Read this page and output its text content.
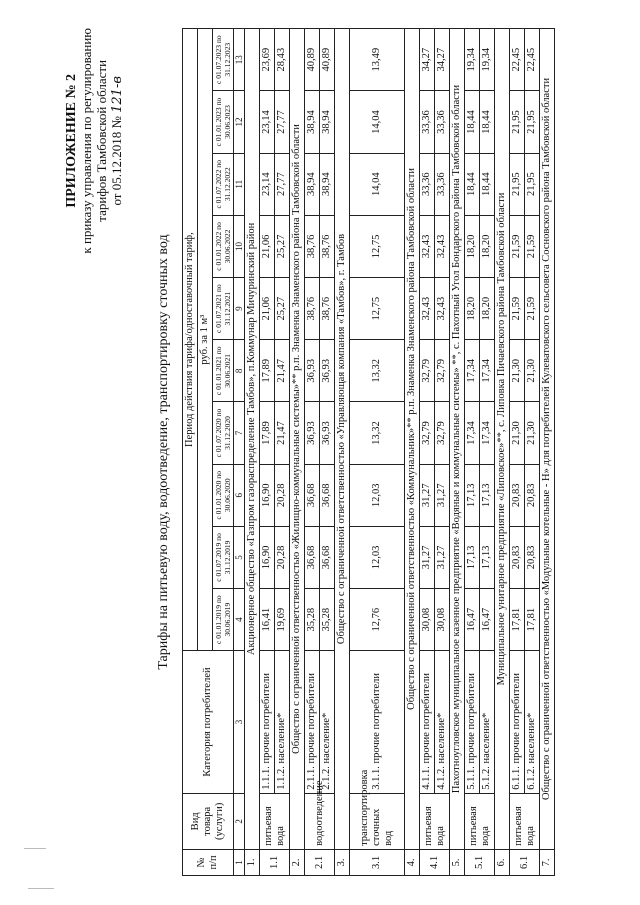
ПРИЛОЖЕНИЕ № 2 к приказу управления по регулированию тарифов Тамбовской области от 05.12.2018 № 121-в
Тарифы на питьевую воду, водоотведение, транспортировку сточных вод
№ п/п	Вид товара (услуги)	Категория потребителей	Период действия тарифа/одноставочный тариф,									
			руб. за 1 м³									
			с 01.01.2019 по 30.06.2019	с 01.07.2019 по 31.12.2019	с 01.01.2020 по 30.06.2020	с 01.07.2020 по 31.12.2020	с 01.01.2021 по 30.06.2021	с 01.07.2021 по 31.12.2021	с 01.01.2022 по 30.06.2022	с 01.07.2022 по 31.12.2022	с 01.01.2023 по 30.06.2023	с 01.07.2023 по 31.12.2023
1	2	3	4	5	6	7	8	9	10	11	12	13
1.	Акционерное общество «Газпром газораспределение Тамбов», п.Коммунар Мичуринский район											
1.1	питьевая вода	1.1.1. прочие потребители	16,41	16,90	16,90	17,89	17,89	21,06	21,06	23,14	23,14	23,69
		1.1.2. население*	19,69	20,28	20,28	21,47	21,47	25,27	25,27	27,77	27,77	28,43
2.	Общество с ограниченной ответственностью «Жилищно-коммунальные системы»** р.п. Знаменка Знаменского района Тамбовской области											
2.1	водоотведение	2.1.1. прочие потребители	35,28	36,68	36,68	36,93	36,93	38,76	38,76	38,94	38,94	40,89
		2.1.2. население*	35,28	36,68	36,68	36,93	36,93	38,76	38,76	38,94	38,94	40,89
3.	Общество с ограниченной ответственностью «Управляющая компания «Тамбов», г. Тамбов											
3.1	транспортировка сточных вод	3.1.1. прочие потребители	12,76	12,03	12,03	13,32	13,32	12,75	12,75	14,04	14,04	13,49
4.	Общество с ограниченной ответственностью «Коммунальник»** р.п. Знаменка Знаменского района Тамбовской области											
4.1	питьевая вода	4.1.1. прочие потребители	30,08	31,27	31,27	32,79	32,79	32,43	32,43	33,36	33,36	34,27
		4.1.2. население*	30,08	31,27	31,27	32,79	32,79	32,43	32,43	33,36	33,36	34,27
5.	Пахотноугловское муниципальное казенное предприятие «Водяные и коммунальные системы» **, с. Пахотный Угол Бондарского района Тамбовской области											
5.1	питьевая вода	5.1.1. прочие потребители	16,47	17,13	17,13	17,34	17,34	18,20	18,20	18,44	18,44	19,34
		5.1.2. население*	16,47	17,13	17,13	17,34	17,34	18,20	18,20	18,44	18,44	19,34
6.	Муниципальное унитарное предприятие «Липовское»**, с. Липовка Пичаевского района Тамбовской области											
6.1	питьевая вода	6.1.1. прочие потребители	17,81	20,83	20,83	21,30	21,30	21,59	21,59	21,95	21,95	22,45
		6.1.2. население*	17,81	20,83	20,83	21,30	21,30	21,59	21,59	21,95	21,95	22,45
7.	Общество с ограниченной ответственностью «Модульные котельные - Н» для потребителей Кулеватовского сельсовета Сосновского района Тамбовской области											
